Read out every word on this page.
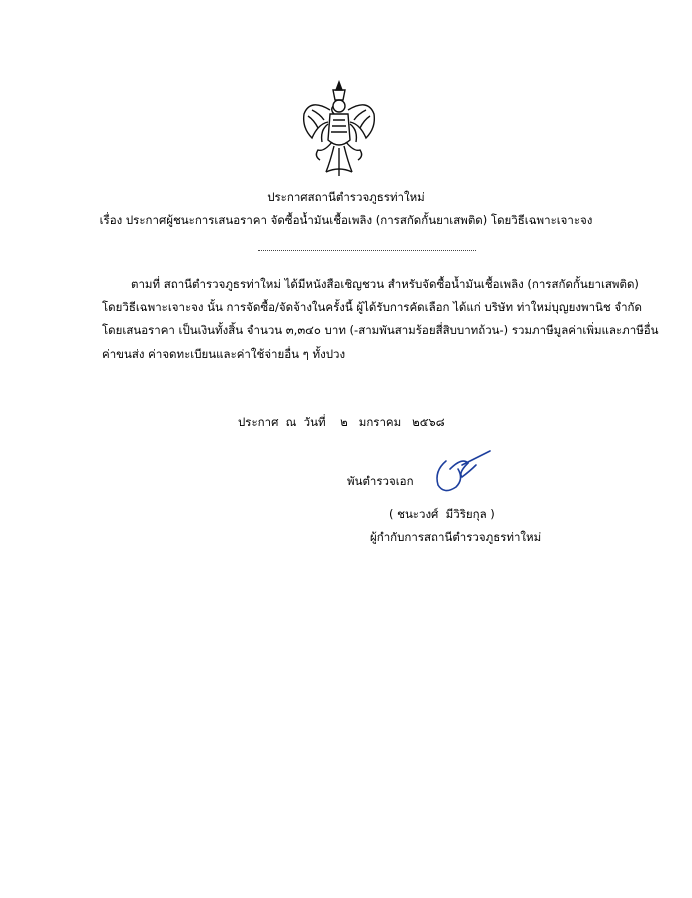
ประกาศสถานีตำรวจภูธรท่าใหม่
เรื่อง ประกาศผู้ชนะการเสนอราคา จัดซื้อน้ำมันเชื้อเพลิง (การสกัดกั้นยาเสพติด) โดยวิธีเฉพาะเจาะจง
ตามที่ สถานีตำรวจภูธรท่าใหม่ ได้มีหนังสือเชิญชวน สำหรับจัดซื้อน้ำมันเชื้อเพลิง (การสกัดกั้นยาเสพติด)
โดยวิธีเฉพาะเจาะจง นั้น การจัดซื้อ/จัดจ้างในครั้งนี้ ผู้ได้รับการคัดเลือก ได้แก่ บริษัท ท่าใหม่บุญยงพานิช จำกัด
โดยเสนอราคา เป็นเงินทั้งสิ้น จำนวน ๓,๓๔๐ บาท (-สามพันสามร้อยสี่สิบบาทถ้วน-) รวมภาษีมูลค่าเพิ่มและภาษีอื่น
ค่าขนส่ง ค่าจดทะเบียนและค่าใช้จ่ายอื่น ๆ ทั้งปวง
ประกาศ  ณ  วันที่    ๒   มกราคม   ๒๕๖๘
พันตำรวจเอก
( ชนะวงศ์  มีวิริยกุล )
ผู้กำกับการสถานีตำรวจภูธรท่าใหม่
